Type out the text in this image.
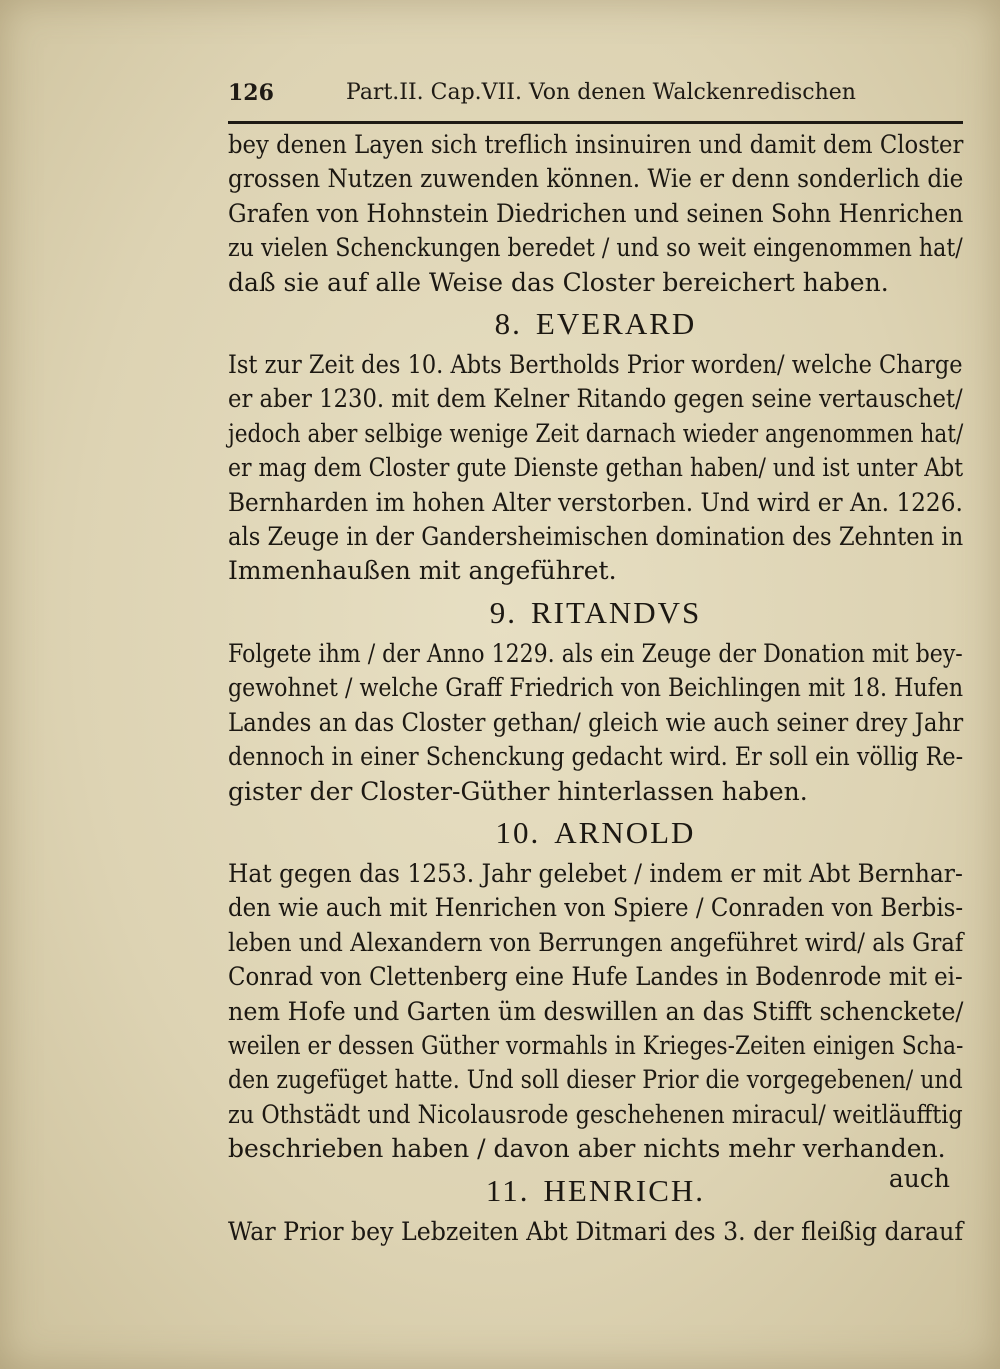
126	Part.II. Cap.VII. Von denen Walckenredischen

bey denen Layen sich treflich insinuiren und damit dem Closter
grossen Nutzen zuwenden können. Wie er denn sonderlich die
Grafen von Hohnstein Diedrichen und seinen Sohn Henrichen
zu vielen Schenckungen beredet / und so weit eingenommen hat/
daß sie auf alle Weise das Closter bereichert haben.

8. EVERARD

Ist zur Zeit des 10. Abts Bertholds Prior worden/ welche Charge
er aber 1230. mit dem Kelner Ritando gegen seine vertauschet/
jedoch aber selbige wenige Zeit darnach wieder angenommen hat/
er mag dem Closter gute Dienste gethan haben/ und ist unter Abt
Bernharden im hohen Alter verstorben. Und wird er An. 1226.
als Zeuge in der Gandersheimischen domination des Zehnten in
Immenhaußen mit angeführet.

9. RITANDVS

Folgete ihm / der Anno 1229. als ein Zeuge der Donation mit bey-
gewohnet / welche Graff Friedrich von Beichlingen mit 18. Hufen
Landes an das Closter gethan/ gleich wie auch seiner drey Jahr
dennoch in einer Schenckung gedacht wird. Er soll ein völlig Re-
gister der Closter-Güther hinterlassen haben.

10. ARNOLD

Hat gegen das 1253. Jahr gelebet / indem er mit Abt Bernhar-
den wie auch mit Henrichen von Spiere / Conraden von Berbis-
leben und Alexandern von Berrungen angeführet wird/ als Graf
Conrad von Clettenberg eine Hufe Landes in Bodenrode mit ei-
nem Hofe und Garten üm deswillen an das Stifft schenckete/
weilen er dessen Güther vormahls in Krieges-Zeiten einigen Scha-
den zugefüget hatte. Und soll dieser Prior die vorgegebenen/ und
zu Othstädt und Nicolausrode geschehenen miracul/ weitläufftig
beschrieben haben / davon aber nichts mehr verhanden.

11. HENRICH.

War Prior bey Lebzeiten Abt Ditmari des 3. der fleißig darauf

auch
